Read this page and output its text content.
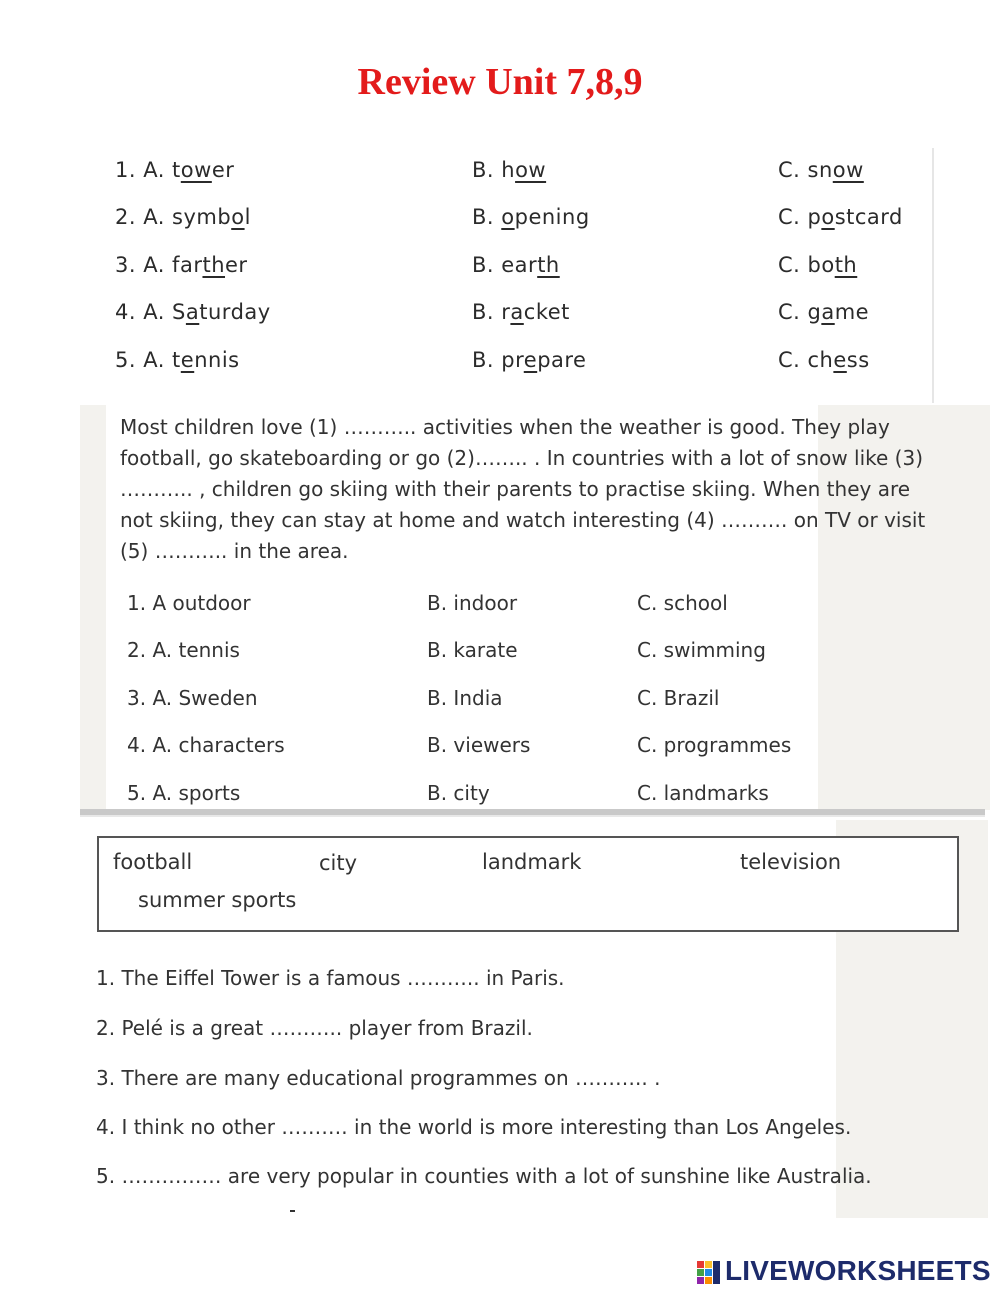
Review Unit 7,8,9
1. A. tower	B. how	C. snow
2. A. symbol	B. opening	C. postcard
3. A. farther	B. earth	C. both
4. A. Saturday	B. racket	C. game
5. A. tennis	B. prepare	C. chess
Most children love (1) ……….. activities when the weather is good. They play football, go skateboarding or go (2)…….. . In countries with a lot of snow like (3) ……….. , children go skiing with their parents to practise skiing. When they are not skiing, they can stay at home and watch interesting (4) ………. on TV or visit (5) ……….. in the area.
1. A outdoor	B. indoor	C. school
2. A. tennis	B. karate	C. swimming
3. A. Sweden	B. India	C. Brazil
4. A. characters	B. viewers	C. programmes
5. A. sports	B. city	C. landmarks
football	city	landmark	television
summer sports
1. The Eiffel Tower is a famous ……….. in Paris.
2. Pelé is a great ……….. player from Brazil.
3. There are many educational programmes on ……….. .
4. I think no other ………. in the world is more interesting than Los Angeles.
5. …………… are very popular in counties with a lot of sunshine like Australia.
LIVEWORKSHEETS
